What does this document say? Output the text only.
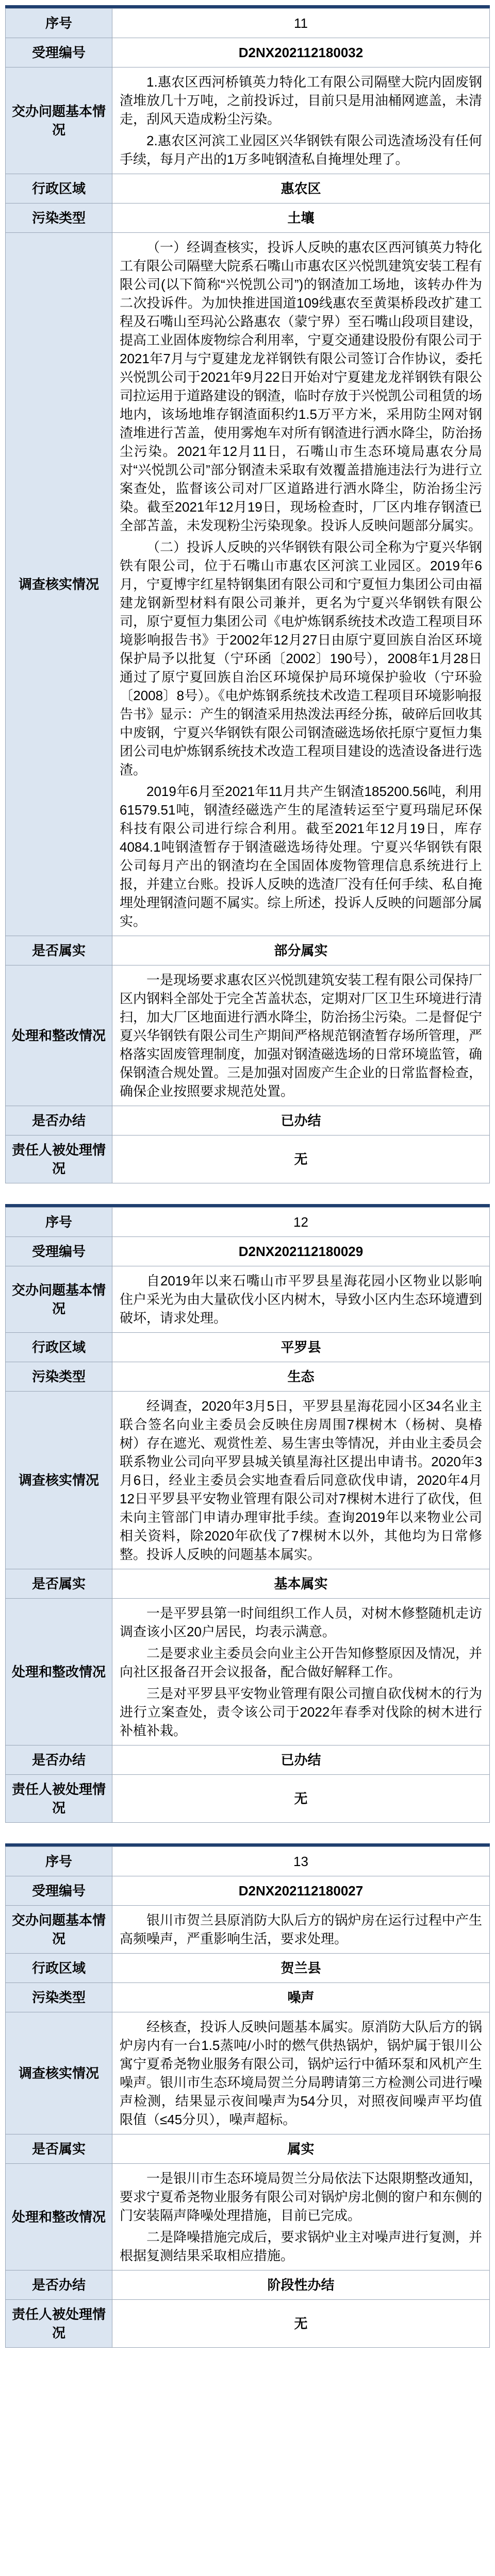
序号	11
受理编号	D2NX202112180032
交办问题基本情况	1.惠农区西河桥镇英力特化工有限公司隔壁大院内固废钢渣堆放几十万吨，之前投诉过，目前只是用油桶网遮盖，未清走，刮风天造成粉尘污染。

2.惠农区河滨工业园区兴华钢铁有限公司选渣场没有任何手续，每月产出的1万多吨钢渣私自掩埋处理了。

行政区域	惠农区
污染类型	土壤
调查核实情况	（一）经调查核实，投诉人反映的惠农区西河镇英力特化工有限公司隔壁大院系石嘴山市惠农区兴悦凯建筑安装工程有限公司(以下简称“兴悦凯公司”)的钢渣加工场地，该转办件为二次投诉件。为加快推进国道109线惠农至黄渠桥段改扩建工程及石嘴山至玛沁公路惠农（蒙宁界）至石嘴山段项目建设，提高工业固体废物综合利用率，宁夏交通建设股份有限公司于2021年7月与宁夏建龙龙祥钢铁有限公司签订合作协议，委托兴悦凯公司于2021年9月22日开始对宁夏建龙龙祥钢铁有限公司拉运用于道路建设的钢渣，临时存放于兴悦凯公司租赁的场地内，该场地堆存钢渣面积约1.5万平方米，采用防尘网对钢渣堆进行苫盖，使用雾炮车对所有钢渣进行洒水降尘，防治扬尘污染。2021年12月11日，石嘴山市生态环境局惠农分局对“兴悦凯公司”部分钢渣未采取有效覆盖措施违法行为进行立案查处，监督该公司对厂区道路进行洒水降尘，防治扬尘污染。截至2021年12月19日，现场检查时，厂区内堆存钢渣已全部苫盖，未发现粉尘污染现象。投诉人反映问题部分属实。

（二）投诉人反映的兴华钢铁有限公司全称为宁夏兴华钢铁有限公司，位于石嘴山市惠农区河滨工业园区。2019年6月，宁夏博宇红星特钢集团有限公司和宁夏恒力集团公司由福建龙钢新型材料有限公司兼并，更名为宁夏兴华钢铁有限公司，原宁夏恒力集团公司《电炉炼钢系统技术改造工程项目环境影响报告书》于2002年12月27日由原宁夏回族自治区环境保护局予以批复（宁环函〔2002〕190号），2008年1月28日通过了原宁夏回族自治区环境保护局环境保护验收（宁环验〔2008〕8号）。《电炉炼钢系统技术改造工程项目环境影响报告书》显示：产生的钢渣采用热泼法再经分拣，破碎后回收其中废钢，宁夏兴华钢铁有限公司钢渣磁选场依托原宁夏恒力集团公司电炉炼钢系统技术改造工程项目建设的选渣设备进行选渣。

2019年6月至2021年11月共产生钢渣185200.56吨，利用61579.51吨，钢渣经磁选产生的尾渣转运至宁夏玛瑞尼环保科技有限公司进行综合利用。截至2021年12月19日，库存4084.1吨钢渣暂存于钢渣磁选场待处理。宁夏兴华钢铁有限公司每月产出的钢渣均在全国固体废物管理信息系统进行上报，并建立台账。投诉人反映的选渣厂没有任何手续、私自掩埋处理钢渣问题不属实。综上所述，投诉人反映的问题部分属实。

是否属实	部分属实
处理和整改情况	一是现场要求惠农区兴悦凯建筑安装工程有限公司保持厂区内钢料全部处于完全苫盖状态，定期对厂区卫生环境进行清扫，加大厂区地面进行洒水降尘，防治扬尘污染。二是督促宁夏兴华钢铁有限公司生产期间严格规范钢渣暂存场所管理，严格落实固废管理制度，加强对钢渣磁选场的日常环境监管，确保钢渣合规处置。三是加强对固废产生企业的日常监督检查，确保企业按照要求规范处置。

是否办结	已办结
责任人被处理情况	无
序号	12
受理编号	D2NX202112180029
交办问题基本情况	自2019年以来石嘴山市平罗县星海花园小区物业以影响住户采光为由大量砍伐小区内树木，导致小区内生态环境遭到破坏，请求处理。

行政区域	平罗县
污染类型	生态
调查核实情况	经调查，2020年3月5日，平罗县星海花园小区34名业主联合签名向业主委员会反映住房周围7棵树木（杨树、臭椿树）存在遮光、观赏性差、易生害虫等情况，并由业主委员会联系物业公司向平罗县城关镇星海社区提出申请书。2020年3月6日，经业主委员会实地查看后同意砍伐申请，2020年4月12日平罗县平安物业管理有限公司对7棵树木进行了砍伐，但未向主管部门申请办理审批手续。查询2019年以来物业公司相关资料，除2020年砍伐了7棵树木以外，其他均为日常修整。投诉人反映的问题基本属实。

是否属实	基本属实
处理和整改情况	一是平罗县第一时间组织工作人员，对树木修整随机走访调查该小区20户居民，均表示满意。

二是要求业主委员会向业主公开告知修整原因及情况，并向社区报备召开会议报备，配合做好解释工作。

三是对平罗县平安物业管理有限公司擅自砍伐树木的行为进行立案查处，责令该公司于2022年春季对伐除的树木进行补植补栽。

是否办结	已办结
责任人被处理情况	无
序号	13
受理编号	D2NX202112180027
交办问题基本情况	银川市贺兰县原消防大队后方的锅炉房在运行过程中产生高频噪声，严重影响生活，要求处理。

行政区域	贺兰县
污染类型	噪声
调查核实情况	经核查，投诉人反映问题基本属实。原消防大队后方的锅炉房内有一台1.5蒸吨/小时的燃气供热锅炉，锅炉属于银川公寓宁夏希尧物业服务有限公司，锅炉运行中循环泵和风机产生噪声。银川市生态环境局贺兰分局聘请第三方检测公司进行噪声检测，结果显示夜间噪声为54分贝，对照夜间噪声平均值限值（≤45分贝），噪声超标。

是否属实	属实
处理和整改情况	一是银川市生态环境局贺兰分局依法下达限期整改通知，要求宁夏希尧物业服务有限公司对锅炉房北侧的窗户和东侧的门安装隔声降噪处理措施，目前已完成。

二是降噪措施完成后，要求锅炉业主对噪声进行复测，并根据复测结果采取相应措施。

是否办结	阶段性办结
责任人被处理情况	无
